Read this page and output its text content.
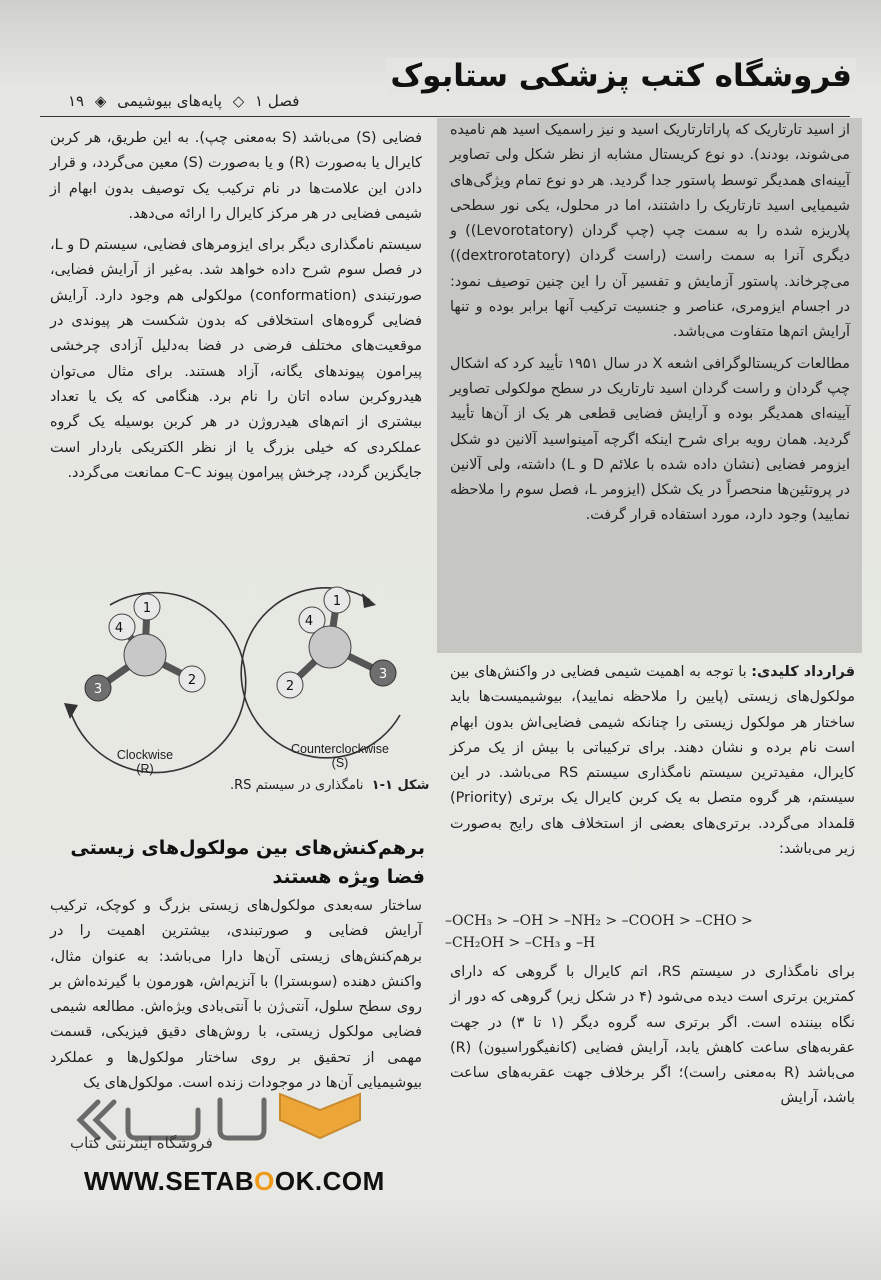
فروشگاه کتب پزشکی ستابوک
فصل ۱ ◇ پایه‌های بیوشیمی ◈ ۱۹

از اسید تارتاریک که پاراتارتاریک اسید و نیز راسمیک اسید هم نامیده می‌شوند، بودند). دو نوع کریستال مشابه از نظر شکل ولی تصاویر آیینه‌ای همدیگر توسط پاستور جدا گردید. هر دو نوع تمام ویژگی‌های شیمیایی اسید تارتاریک را داشتند، اما در محلول، یکی نور سطحی پلاریزه شده را به سمت چپ (چپ گردان (Levorotatory)) و دیگری آنرا به سمت راست (راست گردان (dextrorotatory)) می‌چرخاند. پاستور آزمایش و تفسیر آن را این چنین توصیف نمود: در اجسام ایزومری، عناصر و جنسیت ترکیب آنها برابر بوده و تنها آرایش اتم‌ها متفاوت می‌باشد.

مطالعات کریستالوگرافی اشعه X در سال ۱۹۵۱ تأیید کرد که اشکال چپ گردان و راست گردان اسید تارتاریک در سطح مولکولی تصاویر آیینه‌ای همدیگر بوده و آرایش فضایی قطعی هر یک از آن‌ها تأیید گردید. همان رویه برای شرح اینکه اگرچه آمینواسید آلانین دو شکل ایزومر فضایی (نشان داده شده با علائم D و L) داشته، ولی آلانین در پروتئین‌ها منحصراً در یک شکل (ایزومر L، فصل سوم را ملاحظه نمایید) وجود دارد، مورد استفاده قرار گرفت.

قرارداد کلیدی: با توجه به اهمیت شیمی فضایی در واکنش‌های بین مولکول‌های زیستی (پایین را ملاحظه نمایید)، بیوشیمیست‌ها باید ساختار هر مولکول زیستی را چنانکه شیمی فضایی‌اش بدون ابهام است نام برده و نشان دهند. برای ترکیباتی با بیش از یک مرکز کایرال، مفیدترین سیستم نامگذاری سیستم RS می‌باشد. در این سیستم، هر گروه متصل به یک کربن کایرال یک برتری (Priority) قلمداد می‌گردد. برتری‌های بعضی از استخلاف های رایج به‌صورت زیر می‌باشد:

–OCH₃ > –OH > –NH₂ > –COOH > –CHO >
–CH₂OH > –CH₃ و –H

برای نامگذاری در سیستم RS، اتم کایرال با گروهی که دارای کمترین برتری است دیده می‌شود (۴ در شکل زیر) گروهی که دور از نگاه بیننده است. اگر برتری سه گروه دیگر (۱ تا ۳) در جهت عقربه‌های ساعت کاهش یابد، آرایش فضایی (کانفیگوراسیون) (R) می‌باشد (R به‌معنی راست)؛ اگر برخلاف جهت عقربه‌های ساعت باشد، آرایش

فضایی (S) می‌باشد (S به‌معنی چپ). به این طریق، هر کربن کایرال یا به‌صورت (R) و یا به‌صورت (S) معین می‌گردد، و قرار دادن این علامت‌ها در نام ترکیب یک توصیف بدون ابهام از شیمی فضایی در هر مرکز کایرال را ارائه می‌دهد.

سیستم نامگذاری دیگر برای ایزومرهای فضایی، سیستم D و L، در فصل سوم شرح داده خواهد شد. به‌غیر از آرایش فضایی، صورتبندی (conformation) مولکولی هم وجود دارد. آرایش فضایی گروه‌های استخلافی که بدون شکست هر پیوندی در موقعیت‌های مختلف فرضی در فضا به‌دلیل آزادی چرخشی پیرامون پیوندهای یگانه، آزاد هستند. برای مثال می‌توان هیدروکربن ساده اتان را نام برد. هنگامی که یک یا تعداد بیشتری از اتم‌های هیدروژن در هر کربن بوسیله یک گروه عملکردی که خیلی بزرگ یا از نظر الکتریکی باردار است جایگزین گردد، چرخش پیرامون پیوند C–C ممانعت می‌گردد.

1
2
3
4
1
2
3
4
Clockwise
(R)
Counterclockwise
(S)
شکل ۱-۱ نامگذاری در سیستم RS.
برهم‌کنش‌های بین مولکول‌های زیستی فضا ویژه هستند

ساختار سه‌بعدی مولکول‌های زیستی بزرگ و کوچک، ترکیب آرایش فضایی و صورتبندی، بیشترین اهمیت را در برهم‌کنش‌های زیستی آن‌ها دارا می‌باشد: به عنوان مثال، واکنش دهنده (سوبسترا) با آنزیم‌اش، هورمون با گیرنده‌اش بر روی سطح سلول، آنتی‌ژن با آنتی‌بادی ویژه‌اش. مطالعه شیمی فضایی مولکول زیستی، با روش‌های دقیق فیزیکی، قسمت مهمی از تحقیق بر روی ساختار مولکول‌ها و عملکرد بیوشیمیایی آن‌ها در موجودات زنده است. مولکول‌های یک

فروشگاه اینترنتی کتاب
WWW.SETABOOK.COM
